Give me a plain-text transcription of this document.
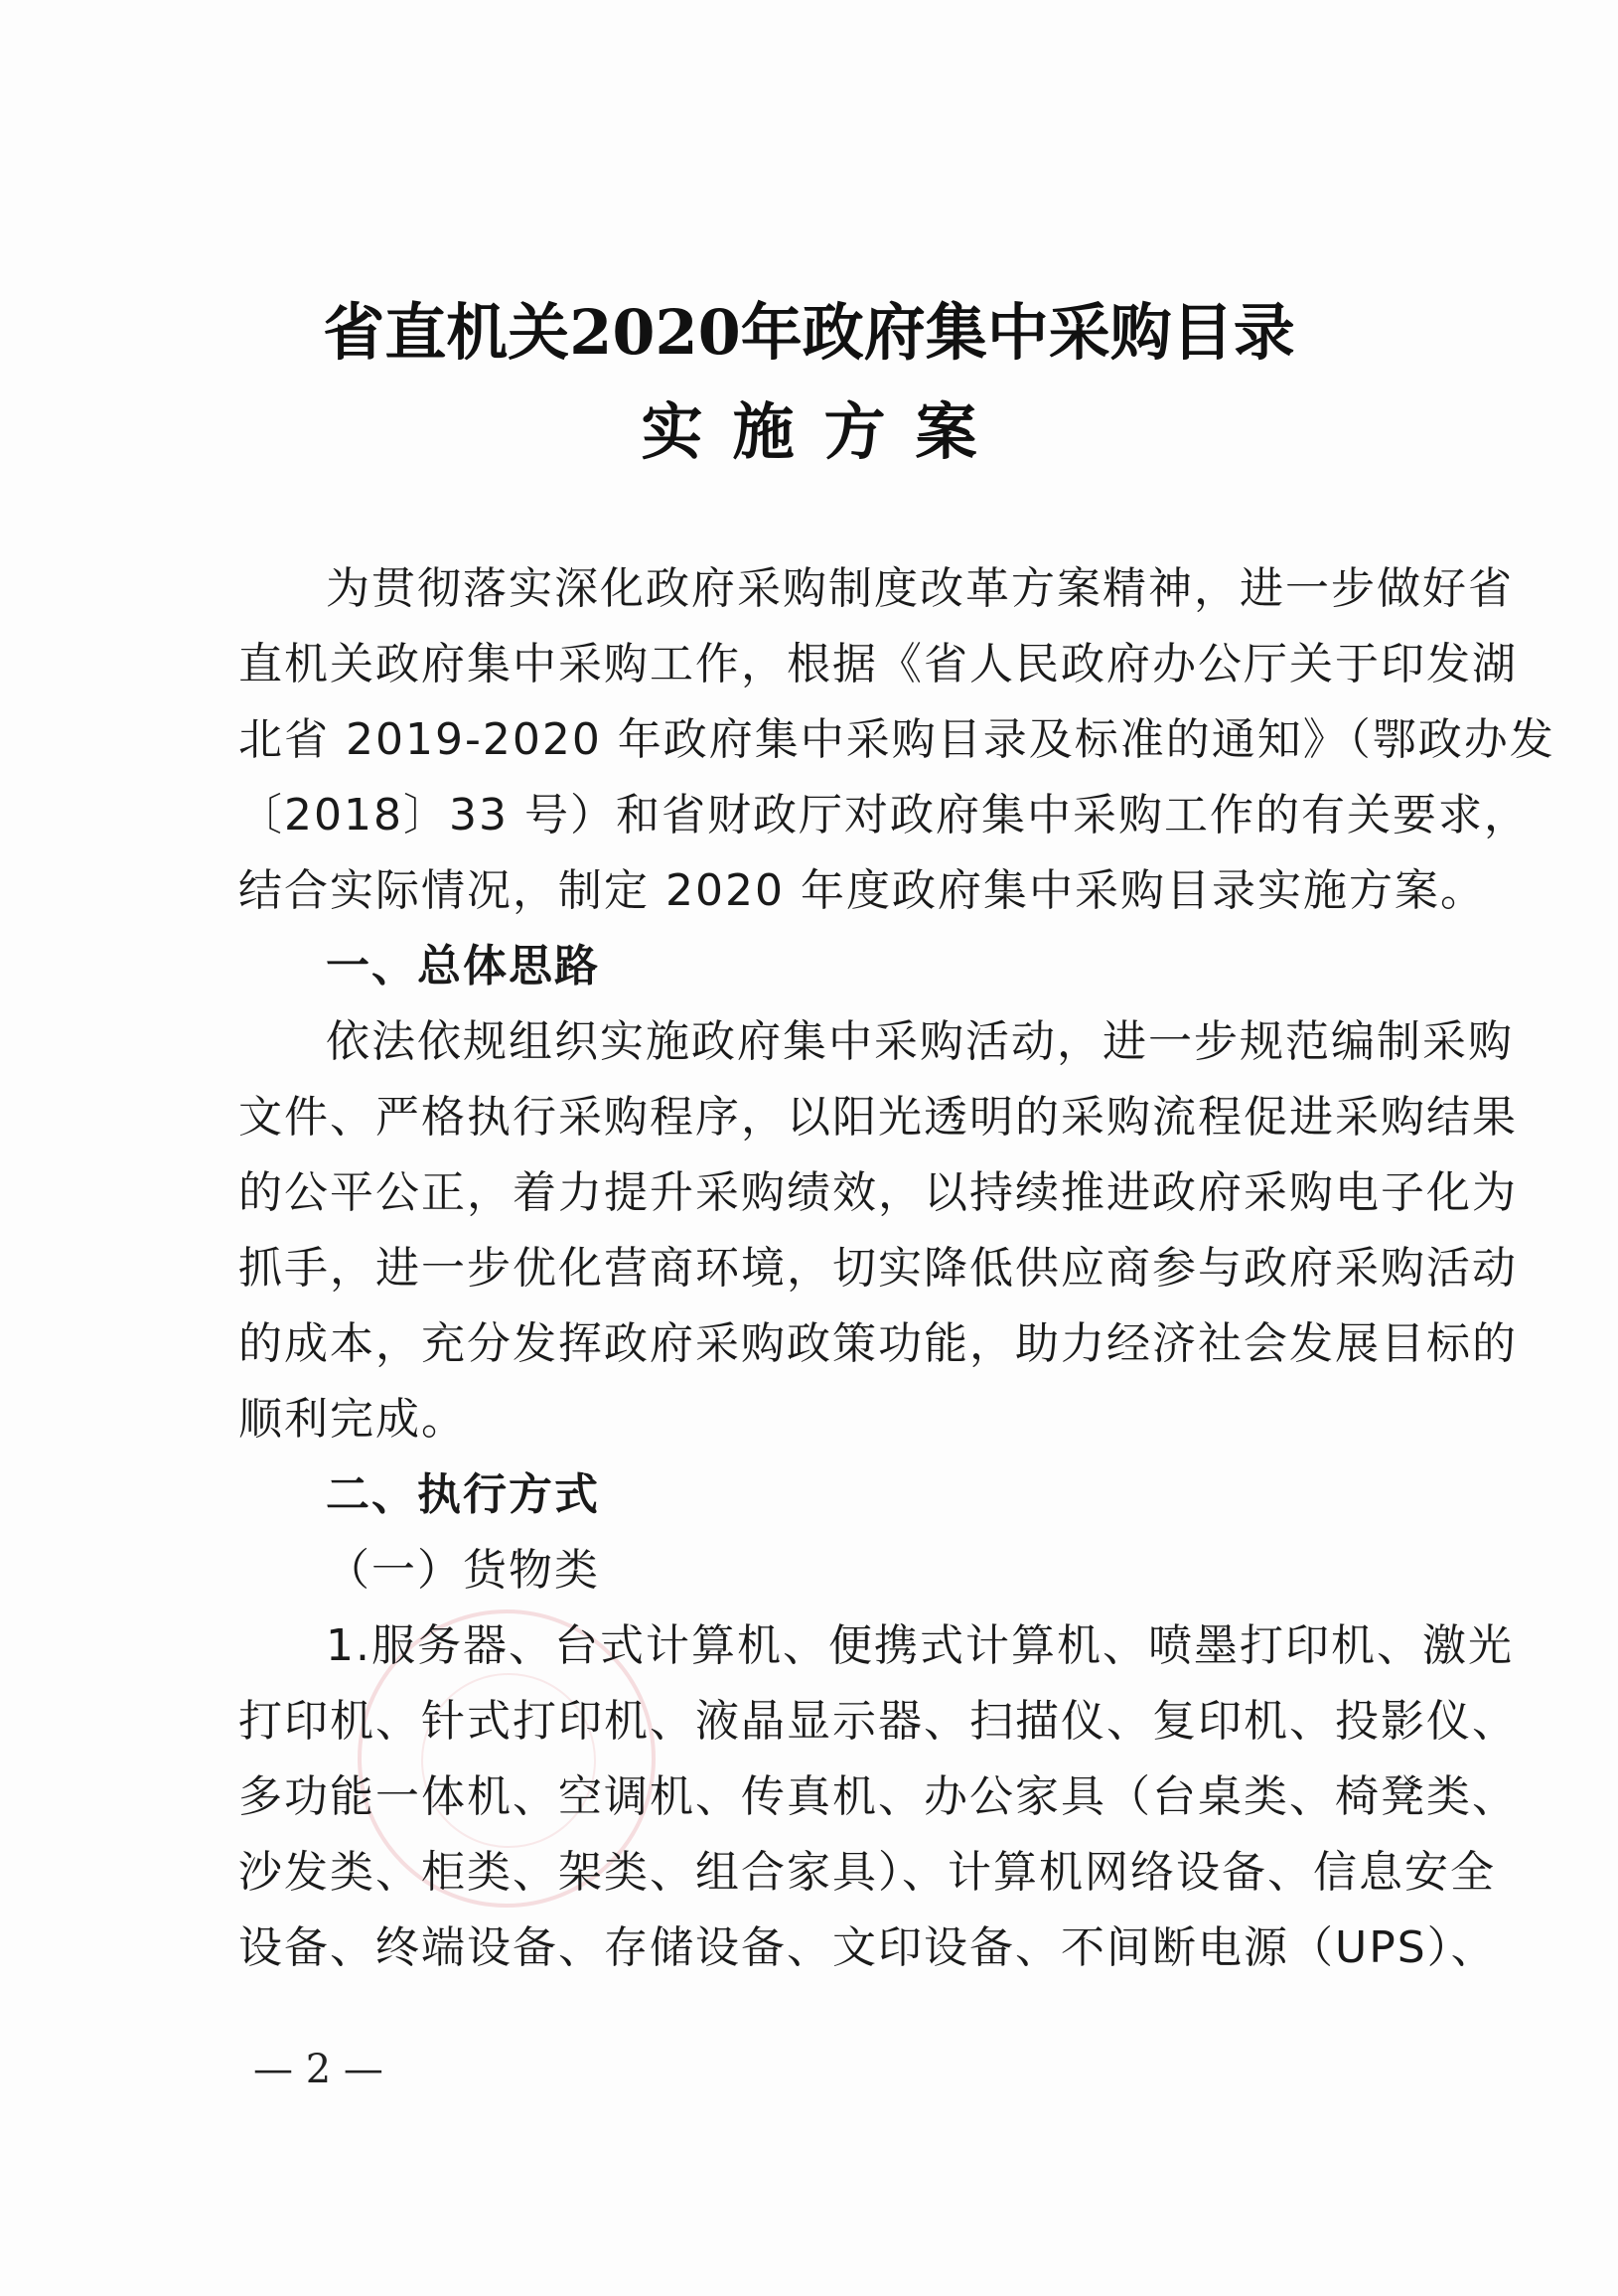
省直机关2020年政府集中采购目录
实施方案
为贯彻落实深化政府采购制度改革方案精神，进一步做好省
直机关政府集中采购工作，根据《省人民政府办公厅关于印发湖
北省 2019-2020 年政府集中采购目录及标准的通知》（鄂政办发
〔2018〕33 号）和省财政厅对政府集中采购工作的有关要求，
结合实际情况，制定 2020 年度政府集中采购目录实施方案。
一、总体思路
依法依规组织实施政府集中采购活动，进一步规范编制采购
文件、严格执行采购程序，以阳光透明的采购流程促进采购结果
的公平公正，着力提升采购绩效，以持续推进政府采购电子化为
抓手，进一步优化营商环境，切实降低供应商参与政府采购活动
的成本，充分发挥政府采购政策功能，助力经济社会发展目标的
顺利完成。
二、执行方式
（一）货物类
1.服务器、台式计算机、便携式计算机、喷墨打印机、激光
打印机、针式打印机、液晶显示器、扫描仪、复印机、投影仪、
多功能一体机、空调机、传真机、办公家具（台桌类、椅凳类、
沙发类、柜类、架类、组合家具）、计算机网络设备、信息安全
设备、终端设备、存储设备、文印设备、不间断电源（UPS）、
— 2 —
